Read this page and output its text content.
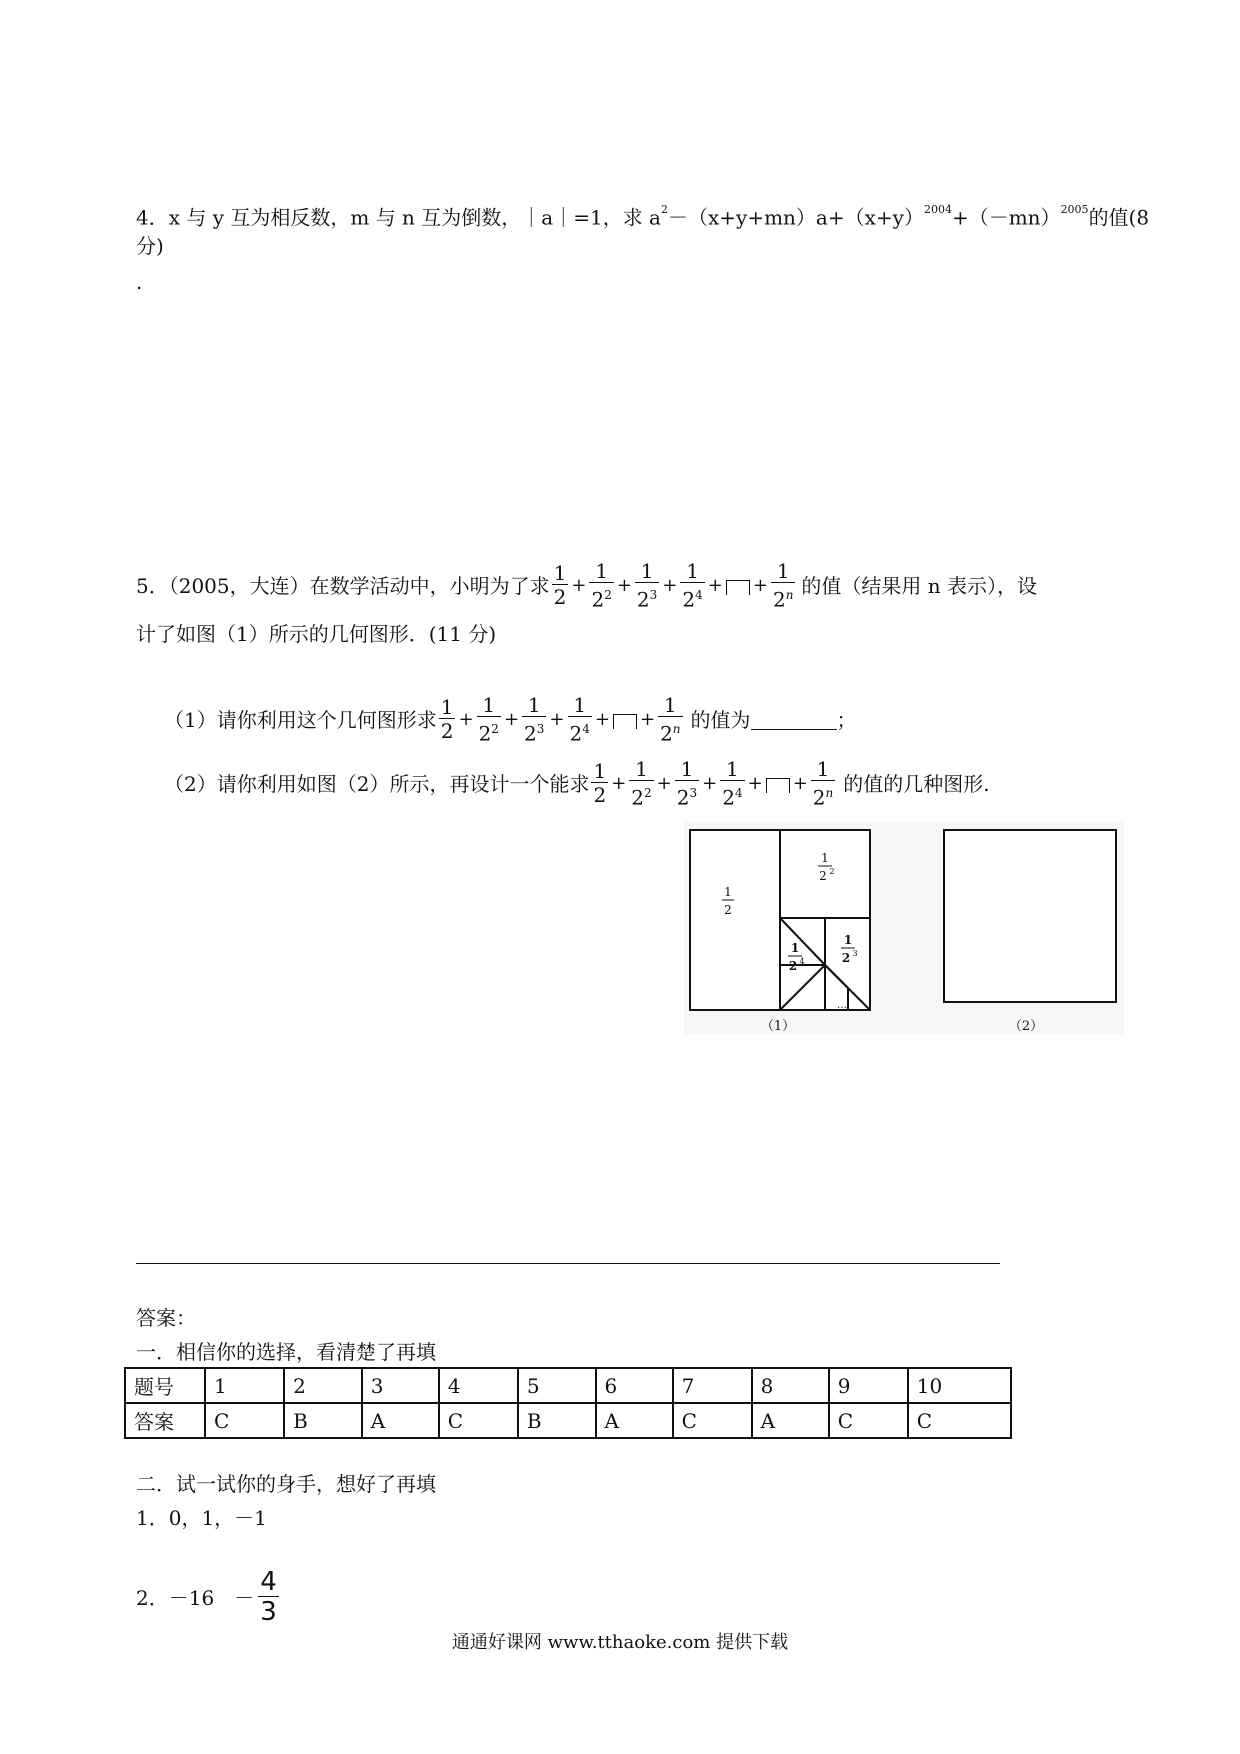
4．x 与 y 互为相反数，m 与 n 互为倒数，｜a｜=1，求 $a^2-(x+y+mn)a+(x+y)^{2004}+(-mn)^{2005}$的值(8
分)
.
5．（2005，大连）在数学活动中，小明为了求 $\frac{1}{2} + \frac{1}{2^2} + \frac{1}{2^3} + \frac{1}{2^4}$ + + $\frac{1}{2^n}$ 的值（结果用 n 表示），设
计了如图（1）所示的几何图形．(11 分)
（1）请你利用这个几何图形求 $\frac{1}{2} + \frac{1}{2^2} + \frac{1}{2^3} + \frac{1}{2^4}$ + + $\frac{1}{2^n}$ 的值为	；
（2）请你利用如图（2）所示，再设计一个能求 $\frac{1}{2} + \frac{1}{2^2} + \frac{1}{2^3} + \frac{1}{2^4}$ + + $\frac{1}{2^n}$ 的值的几种图形.
1
2
1
2 2
1
2 4
1
2 3
…
（1）	（2）
答案：
一．相信你的选择，看清楚了再填
题号	1	2	3	4	5	6	7	8	9	10
答案	C	B	A	C	B	A	C	A	C	C
二．试一试你的身手，想好了再填
1．0，1，－1
2．$-16 - \frac{4}{3}$
通通好课网 www.tthaoke.com 提供下载
